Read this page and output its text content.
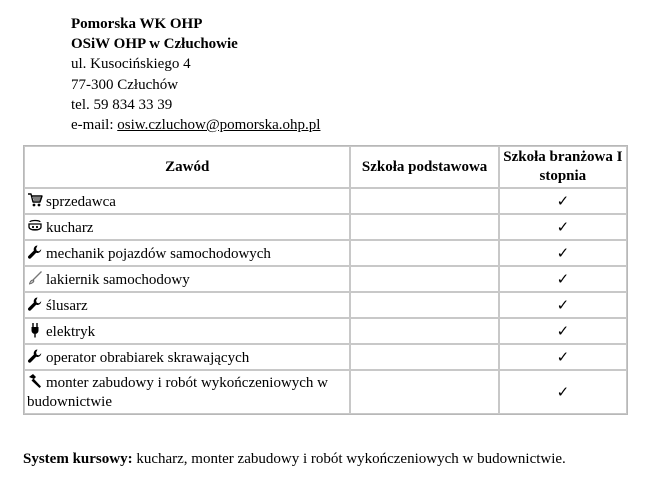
Pomorska WK OHP
OSiW OHP w Człuchowie
ul. Kusocińskiego 4
77-300 Człuchów
tel. 59 834 33 39
e-mail: osiw.czluchow@pomorska.ohp.pl
Zawód	Szkoła podstawowa	Szkoła branżowa I stopnia
sprzedawca		✓
kucharz		✓
mechanik pojazdów samochodowych		✓
lakiernik samochodowy		✓
ślusarz		✓
elektryk		✓
operator obrabiarek skrawających		✓
monter zabudowy i robót wykończeniowych w budownictwie		✓
System kursowy: kucharz, monter zabudowy i robót wykończeniowych w budownictwie.
